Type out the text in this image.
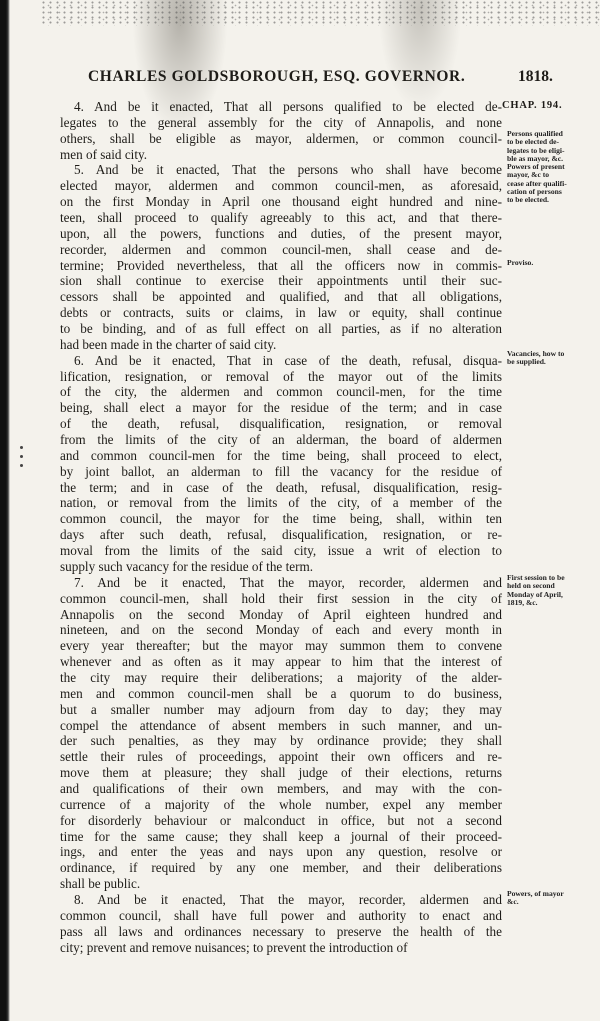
CHARLES GOLDSBOROUGH, ESQ. GOVERNOR.	1818.
CHAP. 194.
4. And be it enacted, That all persons qualified to be elected de-
legates to the general assembly for the city of Annapolis, and none
others, shall be eligible as mayor, aldermen, or common council-
men of said city.
5. And be it enacted, That the persons who shall have become
elected mayor, aldermen and common council-men, as aforesaid,
on the first Monday in April one thousand eight hundred and nine-
teen, shall proceed to qualify agreeably to this act, and that there-
upon, all the powers, functions and duties, of the present mayor,
recorder, aldermen and common council-men, shall cease and de-
termine; Provided nevertheless, that all the officers now in commis-
sion shall continue to exercise their appointments until their suc-
cessors shall be appointed and qualified, and that all obligations,
debts or contracts, suits or claims, in law or equity, shall continue
to be binding, and of as full effect on all parties, as if no alteration
had been made in the charter of said city.
6. And be it enacted, That in case of the death, refusal, disqua-
lification, resignation, or removal of the mayor out of the limits
of the city, the aldermen and common council-men, for the time
being, shall elect a mayor for the residue of the term; and in case
of the death, refusal, disqualification, resignation, or removal
from the limits of the city of an alderman, the board of aldermen
and common council-men for the time being, shall proceed to elect,
by joint ballot, an alderman to fill the vacancy for the residue of
the term; and in case of the death, refusal, disqualification, resig-
nation, or removal from the limits of the city, of a member of the
common council, the mayor for the time being, shall, within ten
days after such death, refusal, disqualification, resignation, or re-
moval from the limits of the said city, issue a writ of election to
supply such vacancy for the residue of the term.
7. And be it enacted, That the mayor, recorder, aldermen and
common council-men, shall hold their first session in the city of
Annapolis on the second Monday of April eighteen hundred and
nineteen, and on the second Monday of each and every month in
every year thereafter; but the mayor may summon them to convene
whenever and as often as it may appear to him that the interest of
the city may require their deliberations; a majority of the alder-
men and common council-men shall be a quorum to do business,
but a smaller number may adjourn from day to day; they may
compel the attendance of absent members in such manner, and un-
der such penalties, as they may by ordinance provide; they shall
settle their rules of proceedings, appoint their own officers and re-
move them at pleasure; they shall judge of their elections, returns
and qualifications of their own members, and may with the con-
currence of a majority of the whole number, expel any member
for disorderly behaviour or malconduct in office, but not a second
time for the same cause; they shall keep a journal of their proceed-
ings, and enter the yeas and nays upon any question, resolve or
ordinance, if required by any one member, and their deliberations
shall be public.
8. And be it enacted, That the mayor, recorder, aldermen and
common council, shall have full power and authority to enact and
pass all laws and ordinances necessary to preserve the health of the
city; prevent and remove nuisances; to prevent the introduction of
Persons qualified
to be elected de-
legates to be eligi-
ble as mayor, &c.
Powers of present
mayor, &c to
cease after qualifi-
cation of persons
to be elected.
Proviso.
Vacancies, how to
be supplied.
First session to be
held on second
Monday of April,
1819, &c.
Powers, of mayor
&c.
